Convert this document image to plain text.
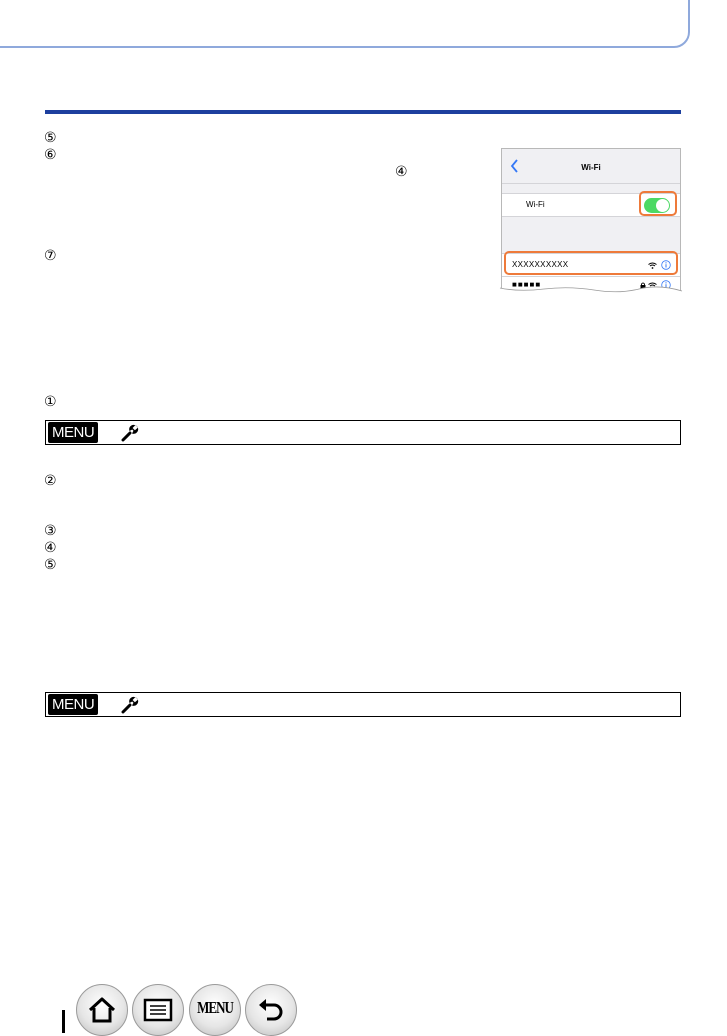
⑤
⑥
④
⑦
Wi-Fi
Wi-Fi
XXXXXXXXXX
■■■■■
①
MENU
②
③
④
⑤
MENU
MENU
